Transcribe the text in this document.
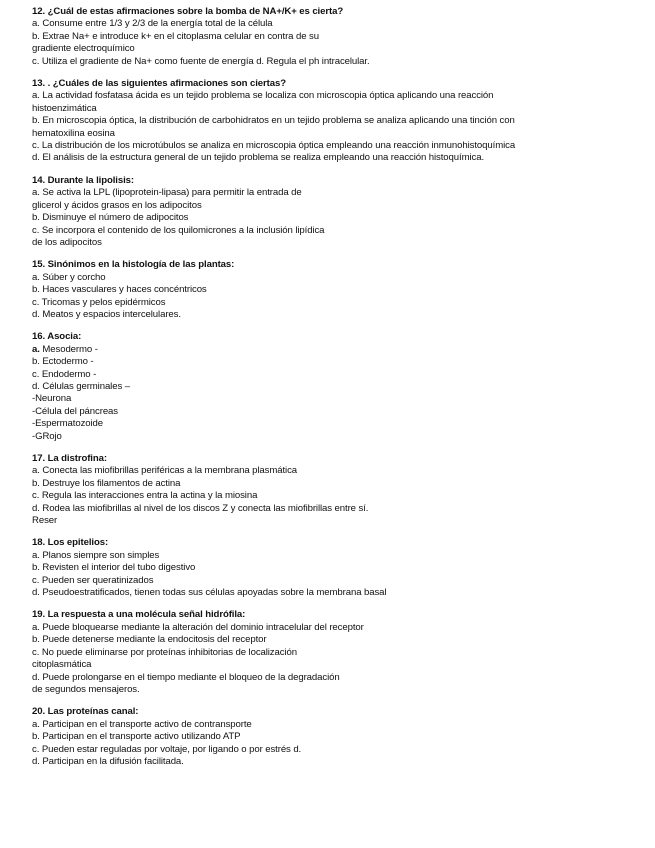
12. ¿Cuál de estas afirmaciones sobre la bomba de NA+/K+ es cierta?
a. Consume entre 1/3 y 2/3 de la energía total de la célula
b. Extrae Na+ e introduce k+ en el citoplasma celular en contra de su
gradiente electroquímico
c. Utiliza el gradiente de Na+ como fuente de energía d. Regula el ph intracelular.
13. . ¿Cuáles de las siguientes afirmaciones son ciertas?
a. La actividad fosfatasa ácida es un tejido problema se localiza con microscopia óptica aplicando una reacción
histoenzimática
b. En microscopia óptica, la distribución de carbohidratos en un tejido problema se analiza aplicando una tinción con
hematoxilina eosina
c. La distribución de los microtúbulos se analiza en microscopia óptica empleando una reacción inmunohistoquímica
d. El análisis de la estructura general de un tejido problema se realiza empleando una reacción histoquímica.
14. Durante la lipolisis:
a. Se activa la LPL (lipoprotein-lipasa) para permitir la entrada de
glicerol y ácidos grasos en los adipocitos
b. Disminuye el número de adipocitos
c. Se incorpora el contenido de los quilomicrones a la inclusión lipídica
de los adipocitos
15. Sinónimos en la histología de las plantas:
a. Súber y corcho
b. Haces vasculares y haces concéntricos
c. Tricomas y pelos epidérmicos
d. Meatos y espacios intercelulares.
16. Asocia:
a. Mesodermo -
b. Ectodermo -
c. Endodermo -
d. Células germinales –
-Neurona
-Célula del páncreas
-Espermatozoide
-GRojo
17. La distrofina:
a. Conecta las miofibrillas periféricas a la membrana plasmática
b. Destruye los filamentos de actina
c. Regula las interacciones entra la actina y la miosina
d. Rodea las miofibrillas al nivel de los discos Z y conecta las miofibrillas entre sí.
Reser
18. Los epitelios:
a. Planos siempre son simples
b. Revisten el interior del tubo digestivo
c. Pueden ser queratinizados
d. Pseudoestratificados, tienen todas sus células apoyadas sobre la membrana basal
19. La respuesta a una molécula señal hidrófila:
a. Puede bloquearse mediante la alteración del dominio intracelular del receptor
b. Puede detenerse mediante la endocitosis del receptor
c. No puede eliminarse por proteínas inhibitorias de localización
citoplasmática
d. Puede prolongarse en el tiempo mediante el bloqueo de la degradación
de segundos mensajeros.
20. Las proteínas canal:
a. Participan en el transporte activo de contransporte
b. Participan en el transporte activo utilizando ATP
c. Pueden estar reguladas por voltaje, por ligando o por estrés d.
d. Participan en la difusión facilitada.
